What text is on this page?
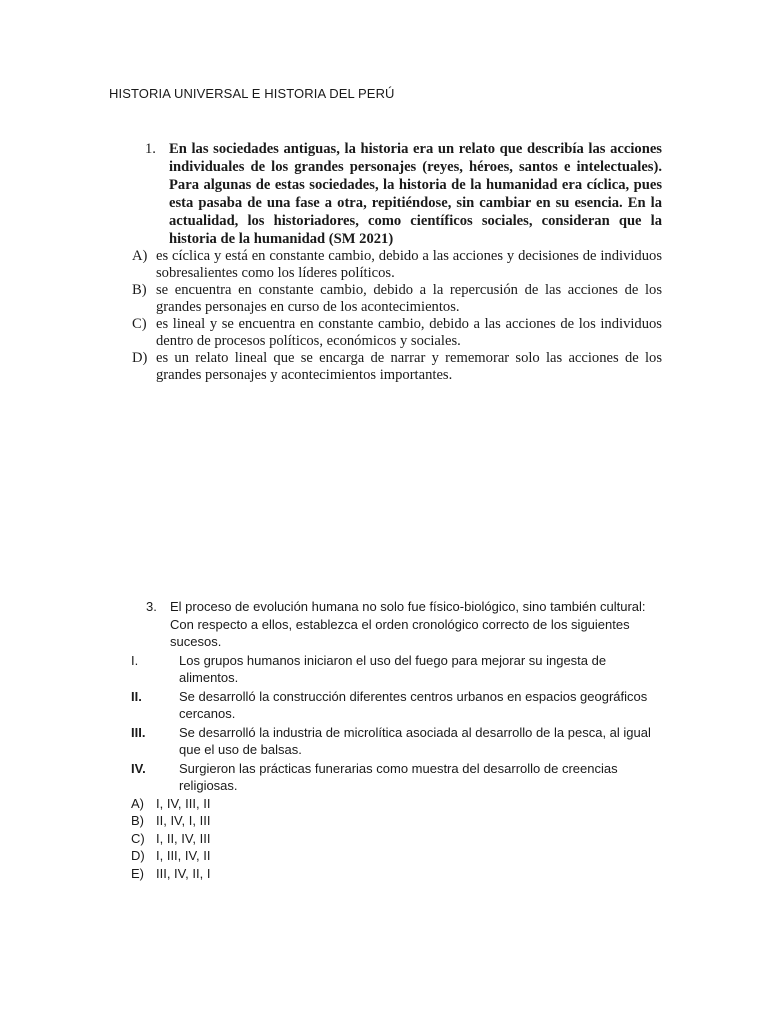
HISTORIA UNIVERSAL E HISTORIA DEL PERÚ
1. En las sociedades antiguas, la historia era un relato que describía las acciones individuales de los grandes personajes (reyes, héroes, santos e intelectuales). Para algunas de estas sociedades, la historia de la humanidad era cíclica, pues esta pasaba de una fase a otra, repitiéndose, sin cambiar en su esencia. En la actualidad, los historiadores, como científicos sociales, consideran que la historia de la humanidad (SM 2021)
A) es cíclica y está en constante cambio, debido a las acciones y decisiones de individuos sobresalientes como los líderes políticos.
B) se encuentra en constante cambio, debido a la repercusión de las acciones de los grandes personajes en curso de los acontecimientos.
C) es lineal y se encuentra en constante cambio, debido a las acciones de los individuos dentro de procesos políticos, económicos y sociales.
D) es un relato lineal que se encarga de narrar y rememorar solo las acciones de los grandes personajes y acontecimientos importantes.
3.	El proceso de evolución humana no solo fue físico-biológico, sino también cultural: Con respecto a ellos, establezca el orden cronológico correcto de los siguientes sucesos.
I.	Los grupos humanos iniciaron el uso del fuego para mejorar su ingesta de alimentos.
II.	Se desarrolló la construcción diferentes centros urbanos en espacios geográficos cercanos.
III.	Se desarrolló la industria de microlítica asociada al desarrollo de la pesca, al igual que el uso de balsas.
IV.	Surgieron las prácticas funerarias como muestra del desarrollo de creencias religiosas.
A) I, IV, III, II
B) II, IV, I, III
C) I, II, IV, III
D) I, III, IV, II
E) III, IV, II, I
